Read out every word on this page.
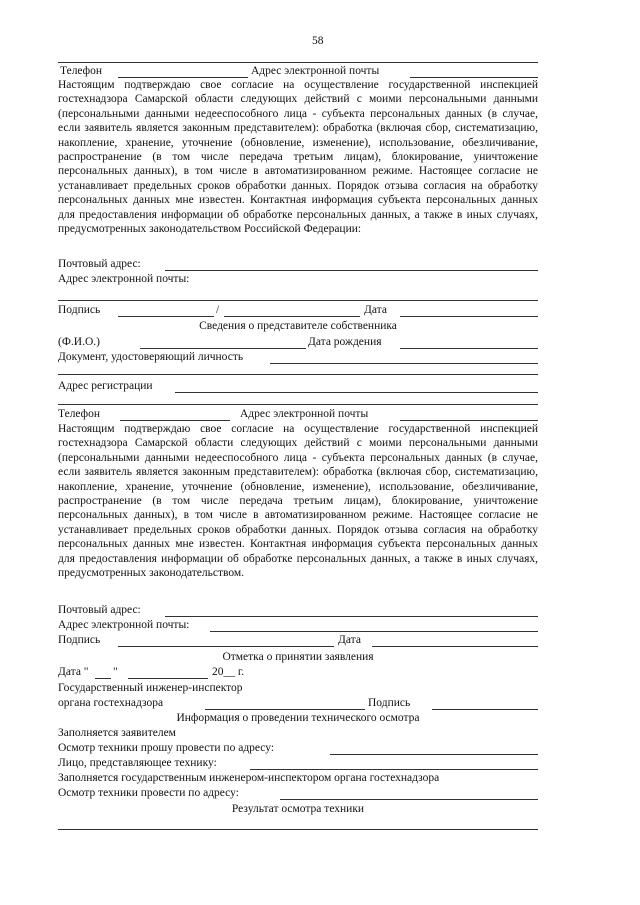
58
Телефон	Адрес электронной почты
Настоящим подтверждаю свое согласие на осуществление государственной инспекцией гостехнадзора Самарской области следующих действий с моими персональными данными (персональными данными недееспособного лица - субъекта персональных данных (в случае, если заявитель является законным представителем): обработка (включая сбор, систематизацию, накопление, хранение, уточнение (обновление, изменение), использование, обезличивание, распространение (в том числе передача третьим лицам), блокирование, уничтожение персональных данных), в том числе в автоматизированном режиме. Настоящее согласие не устанавливает предельных сроков обработки данных. Порядок отзыва согласия на обработку персональных данных мне известен. Контактная информация субъекта персональных данных для предоставления информации об обработке персональных данных, а также в иных случаях, предусмотренных законодательством Российской Федерации:
Почтовый адрес:
Адрес электронной почты:
Подпись	/	Дата
Сведения о представителе собственника
(Ф.И.О.)	Дата рождения
Документ, удостоверяющий личность
Адрес регистрации
Телефон	Адрес электронной почты
Настоящим подтверждаю свое согласие на осуществление государственной инспекцией гостехнадзора Самарской области следующих действий с моими персональными данными (персональными данными недееспособного лица - субъекта персональных данных (в случае, если заявитель является законным представителем): обработка (включая сбор, систематизацию, накопление, хранение, уточнение (обновление, изменение), использование, обезличивание, распространение (в том числе передача третьим лицам), блокирование, уничтожение персональных данных), в том числе в автоматизированном режиме. Настоящее согласие не устанавливает предельных сроков обработки данных. Порядок отзыва согласия на обработку персональных данных мне известен. Контактная информация субъекта персональных данных для предоставления информации об обработке персональных данных, а также в иных случаях, предусмотренных законодательством.
Почтовый адрес:
Адрес электронной почты:
Подпись	Дата
Отметка о принятии заявления
Дата " "	20__ г.
Государственный инженер-инспектор
органа гостехнадзора	Подпись
Информация о проведении технического осмотра
Заполняется заявителем
Осмотр техники прошу провести по адресу:
Лицо, представляющее технику:
Заполняется государственным инженером-инспектором органа гостехнадзора
Осмотр техники провести по адресу:
Результат осмотра техники
